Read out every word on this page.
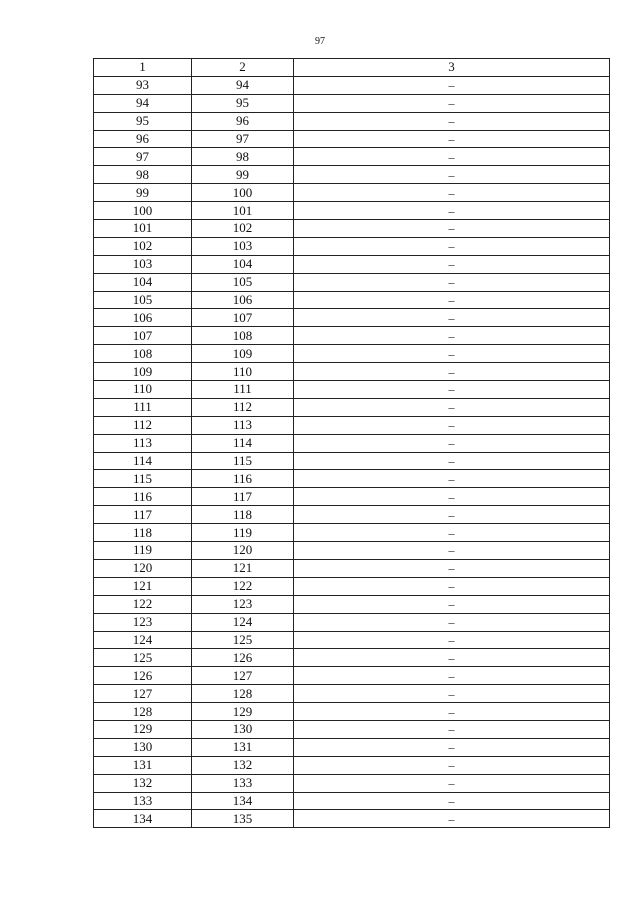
97
1	2	3
93	94	–
94	95	–
95	96	–
96	97	–
97	98	–
98	99	–
99	100	–
100	101	–
101	102	–
102	103	–
103	104	–
104	105	–
105	106	–
106	107	–
107	108	–
108	109	–
109	110	–
110	111	–
111	112	–
112	113	–
113	114	–
114	115	–
115	116	–
116	117	–
117	118	–
118	119	–
119	120	–
120	121	–
121	122	–
122	123	–
123	124	–
124	125	–
125	126	–
126	127	–
127	128	–
128	129	–
129	130	–
130	131	–
131	132	–
132	133	–
133	134	–
134	135	–
